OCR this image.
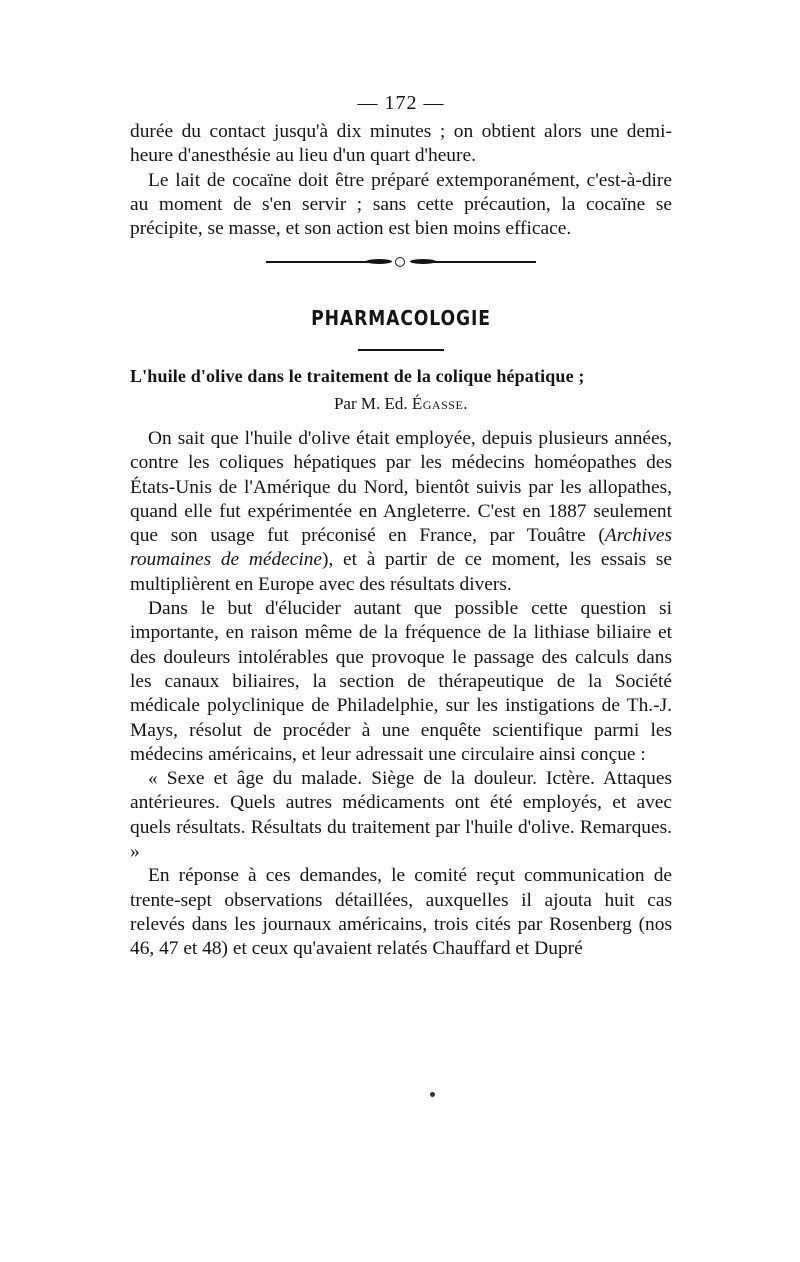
— 172 —

durée du contact jusqu'à dix minutes ; on obtient alors une demi-heure d'anesthésie au lieu d'un quart d'heure.

Le lait de cocaïne doit être préparé extemporanément, c'est-à-dire au moment de s'en servir ; sans cette précaution, la cocaïne se précipite, se masse, et son action est bien moins efficace.

PHARMACOLOGIE
L'huile d'olive dans le traitement de la colique hépatique ;
Par M. Ed. Égasse.

On sait que l'huile d'olive était employée, depuis plusieurs années, contre les coliques hépatiques par les médecins homéopathes des États-Unis de l'Amérique du Nord, bientôt suivis par les allopathes, quand elle fut expérimentée en Angleterre. C'est en 1887 seulement que son usage fut préconisé en France, par Touâtre (Archives roumaines de médecine), et à partir de ce moment, les essais se multiplièrent en Europe avec des résultats divers.

Dans le but d'élucider autant que possible cette question si importante, en raison même de la fréquence de la lithiase biliaire et des douleurs intolérables que provoque le passage des calculs dans les canaux biliaires, la section de thérapeutique de la Société médicale polyclinique de Philadelphie, sur les instigations de Th.-J. Mays, résolut de procéder à une enquête scientifique parmi les médecins américains, et leur adressait une circulaire ainsi conçue :

« Sexe et âge du malade. Siège de la douleur. Ictère. Attaques antérieures. Quels autres médicaments ont été employés, et avec quels résultats. Résultats du traitement par l'huile d'olive. Remarques. »

En réponse à ces demandes, le comité reçut communication de trente-sept observations détaillées, auxquelles il ajouta huit cas relevés dans les journaux américains, trois cités par Rosenberg (nos 46, 47 et 48) et ceux qu'avaient relatés Chauffard et Dupré
